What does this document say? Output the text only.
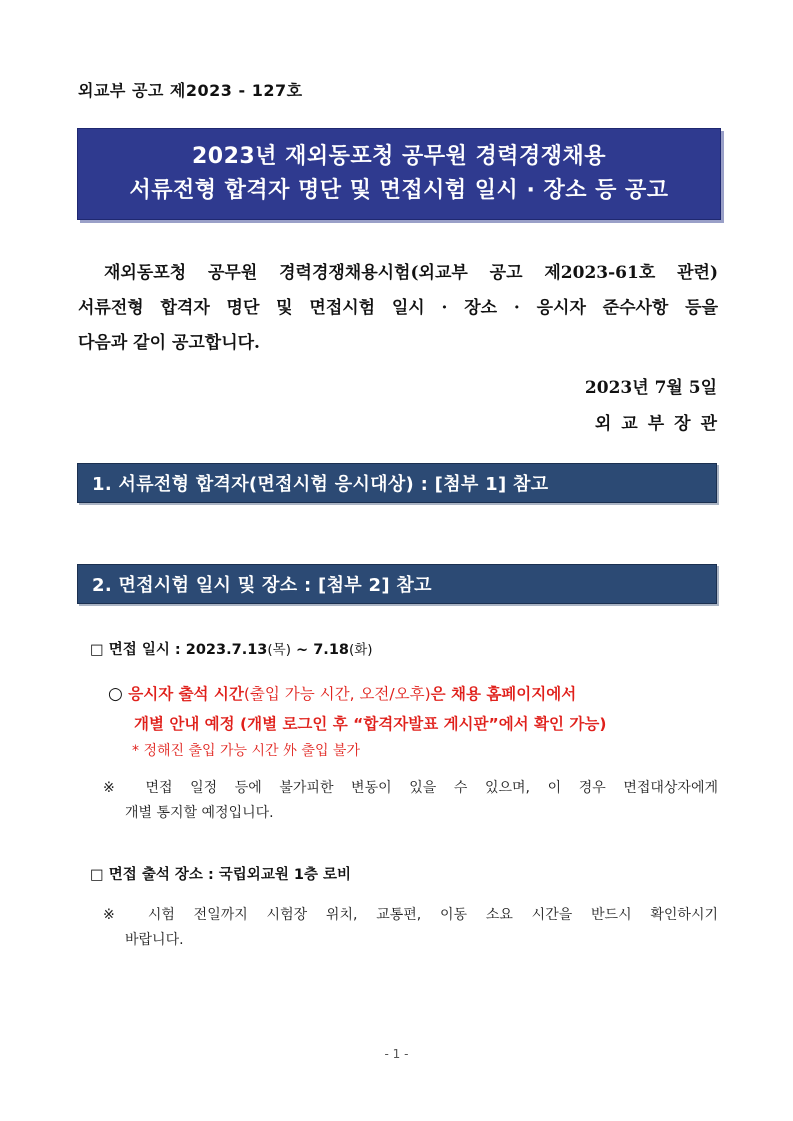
외교부 공고 제2023 - 127호
2023년 재외동포청 공무원 경력경쟁채용
서류전형 합격자 명단 및 면접시험 일시 · 장소 등 공고
재외동포청 공무원 경력경쟁채용시험(외교부 공고 제2023-61호 관련)
서류전형 합격자 명단 및 면접시험 일시 · 장소 · 응시자 준수사항 등을
다음과 같이 공고합니다.
2023년 7월 5일
외교부장관
1. 서류전형 합격자(면접시험 응시대상) : [첨부 1] 참고
2. 면접시험 일시 및 장소 : [첨부 2] 참고
□ 면접 일시 : 2023.7.13(목) ~ 7.18(화)
○ 응시자 출석 시간(출입 가능 시간, 오전/오후)은 채용 홈페이지에서
개별 안내 예정 (개별 로그인 후 “합격자발표 게시판”에서 확인 가능)
* 정해진 출입 가능 시간 外 출입 불가
※ 면접 일정 등에 불가피한 변동이 있을 수 있으며, 이 경우 면접대상자에게
개별 통지할 예정입니다.
□ 면접 출석 장소 : 국립외교원 1층 로비
※ 시험 전일까지 시험장 위치, 교통편, 이동 소요 시간을 반드시 확인하시기
바랍니다.
- 1 -
